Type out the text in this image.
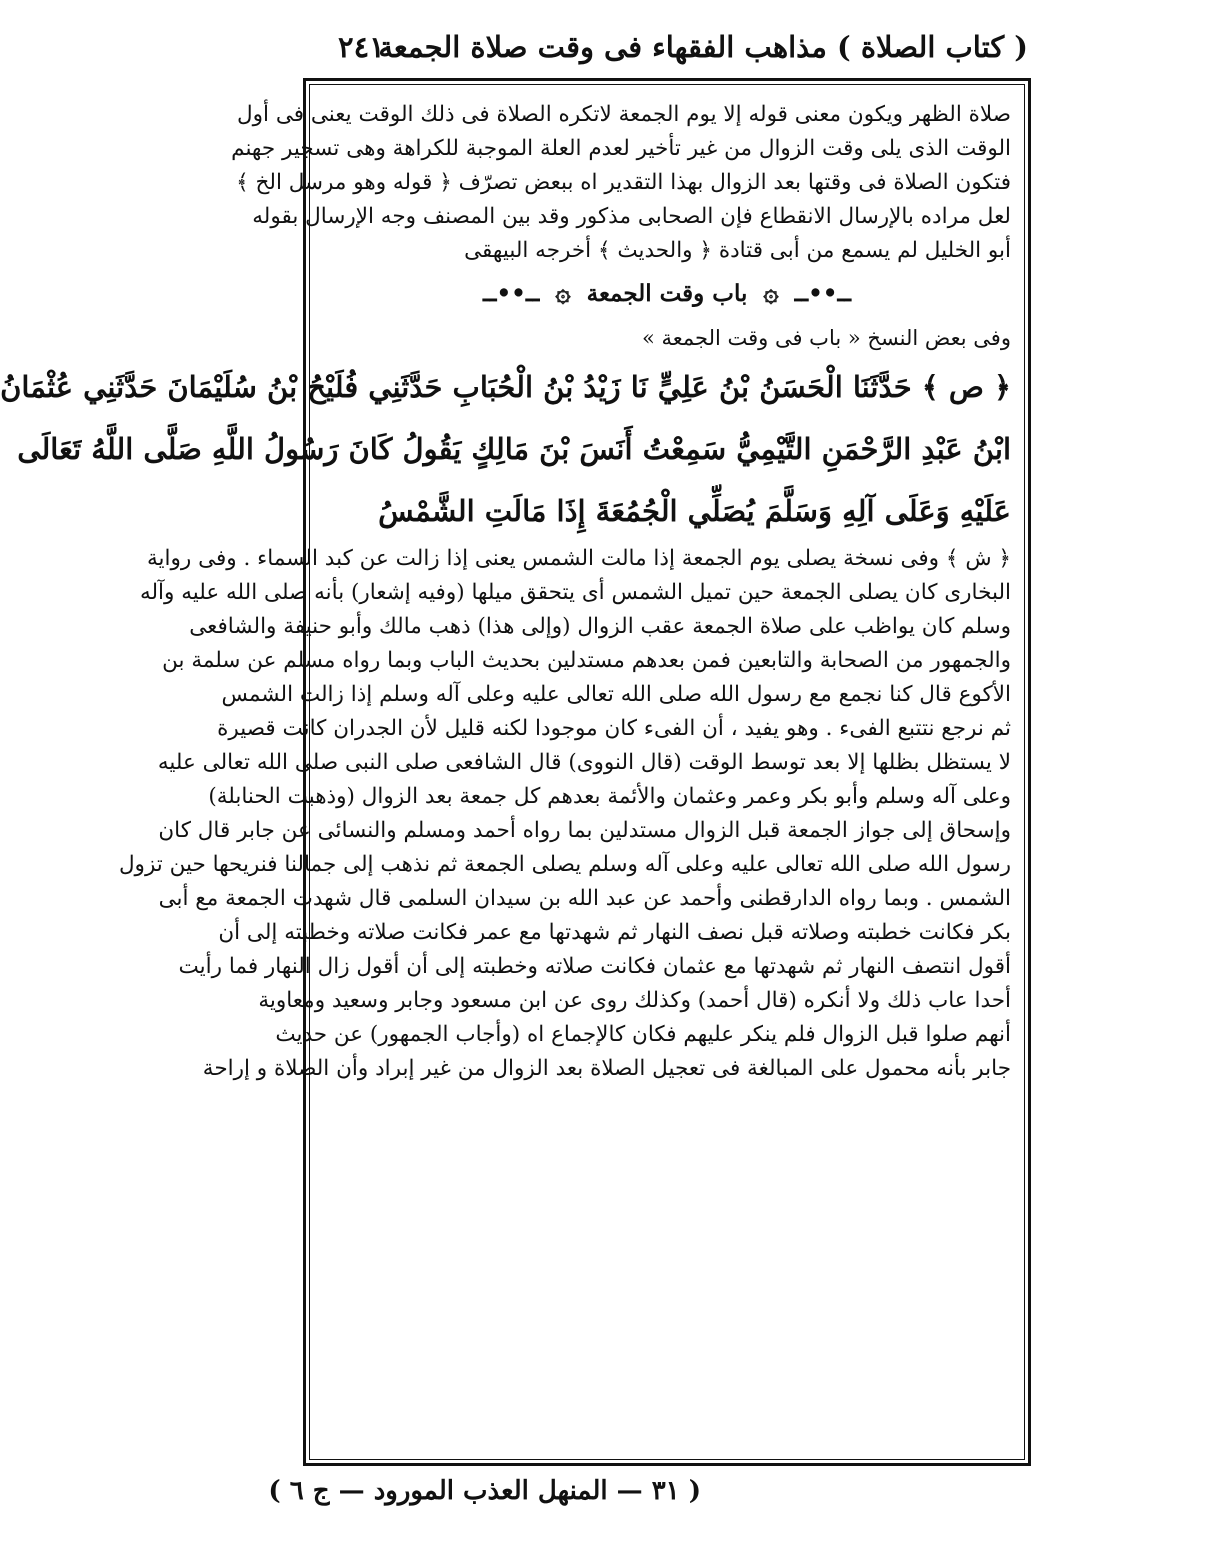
( كتاب الصلاة ) مذاهب الفقهاء فى وقت صلاة الجمعة
٢٤١
صلاة الظهر ويكون معنى قوله إلا يوم الجمعة لاتكره الصلاة فى ذلك الوقت يعنى فى أول
الوقت الذى يلى وقت الزوال من غير تأخير لعدم العلة الموجبة للكراهة وهى تسجير جهنم
فتكون الصلاة فى وقتها بعد الزوال بهذا التقدير اه ببعض تصرّف ﴿ قوله وهو مرسل الخ ﴾
لعل مراده بالإرسال الانقطاع فإن الصحابى مذكور وقد بين المصنف وجه الإرسال بقوله
أبو الخليل لم يسمع من أبى قتادة ﴿ والحديث ﴾ أخرجه البيهقى
ــ••ــ ۞ باب وقت الجمعة ۞ ــ••ــ
وفى بعض النسخ « باب فى وقت الجمعة »
﴿ ص ﴾ حَدَّثَنَا الْحَسَنُ بْنُ عَلِيٍّ نَا زَيْدُ بْنُ الْحُبَابِ حَدَّثَنِي فُلَيْحُ بْنُ سُلَيْمَانَ حَدَّثَنِي عُثْمَانُ
ابْنُ عَبْدِ الرَّحْمَنِ التَّيْمِيُّ سَمِعْتُ أَنَسَ بْنَ مَالِكٍ يَقُولُ كَانَ رَسُولُ اللَّهِ صَلَّى اللَّهُ تَعَالَى
عَلَيْهِ وَعَلَى آلِهِ وَسَلَّمَ يُصَلِّي الْجُمُعَةَ إِذَا مَالَتِ الشَّمْسُ
﴿ ش ﴾ وفى نسخة يصلى يوم الجمعة إذا مالت الشمس يعنى إذا زالت عن كبد السماء . وفى رواية
البخارى كان يصلى الجمعة حين تميل الشمس أى يتحقق ميلها (وفيه إشعار) بأنه صلى الله عليه وآله
وسلم كان يواظب على صلاة الجمعة عقب الزوال (وإلى هذا) ذهب مالك وأبو حنيفة والشافعى
والجمهور من الصحابة والتابعين فمن بعدهم مستدلين بحديث الباب وبما رواه مسلم عن سلمة بن
الأكوع قال كنا نجمع مع رسول الله صلى الله تعالى عليه وعلى آله وسلم إذا زالت الشمس
ثم نرجع نتتبع الفىء . وهو يفيد ، أن الفىء كان موجودا لكنه قليل لأن الجدران كانت قصيرة
لا يستظل بظلها إلا بعد توسط الوقت (قال النووى) قال الشافعى صلى النبى صلى الله تعالى عليه
وعلى آله وسلم وأبو بكر وعمر وعثمان والأئمة بعدهم كل جمعة بعد الزوال (وذهبت الحنابلة)
وإسحاق إلى جواز الجمعة قبل الزوال مستدلين بما رواه أحمد ومسلم والنسائى عن جابر قال كان
رسول الله صلى الله تعالى عليه وعلى آله وسلم يصلى الجمعة ثم نذهب إلى جمالنا فنريحها حين تزول
الشمس . وبما رواه الدارقطنى وأحمد عن عبد الله بن سيدان السلمى قال شهدت الجمعة مع أبى
بكر فكانت خطبته وصلاته قبل نصف النهار ثم شهدتها مع عمر فكانت صلاته وخطبته إلى أن
أقول انتصف النهار ثم شهدتها مع عثمان فكانت صلاته وخطبته إلى أن أقول زال النهار فما رأيت
أحدا عاب ذلك ولا أنكره (قال أحمد) وكذلك روى عن ابن مسعود وجابر وسعيد ومعاوية
أنهم صلوا قبل الزوال فلم ينكر عليهم فكان كالإجماع اه (وأجاب الجمهور) عن حديث
جابر بأنه محمول على المبالغة فى تعجيل الصلاة بعد الزوال من غير إبراد وأن الصلاة و إراحة
( ٣١ — المنهل العذب المورود — ج ٦ )
